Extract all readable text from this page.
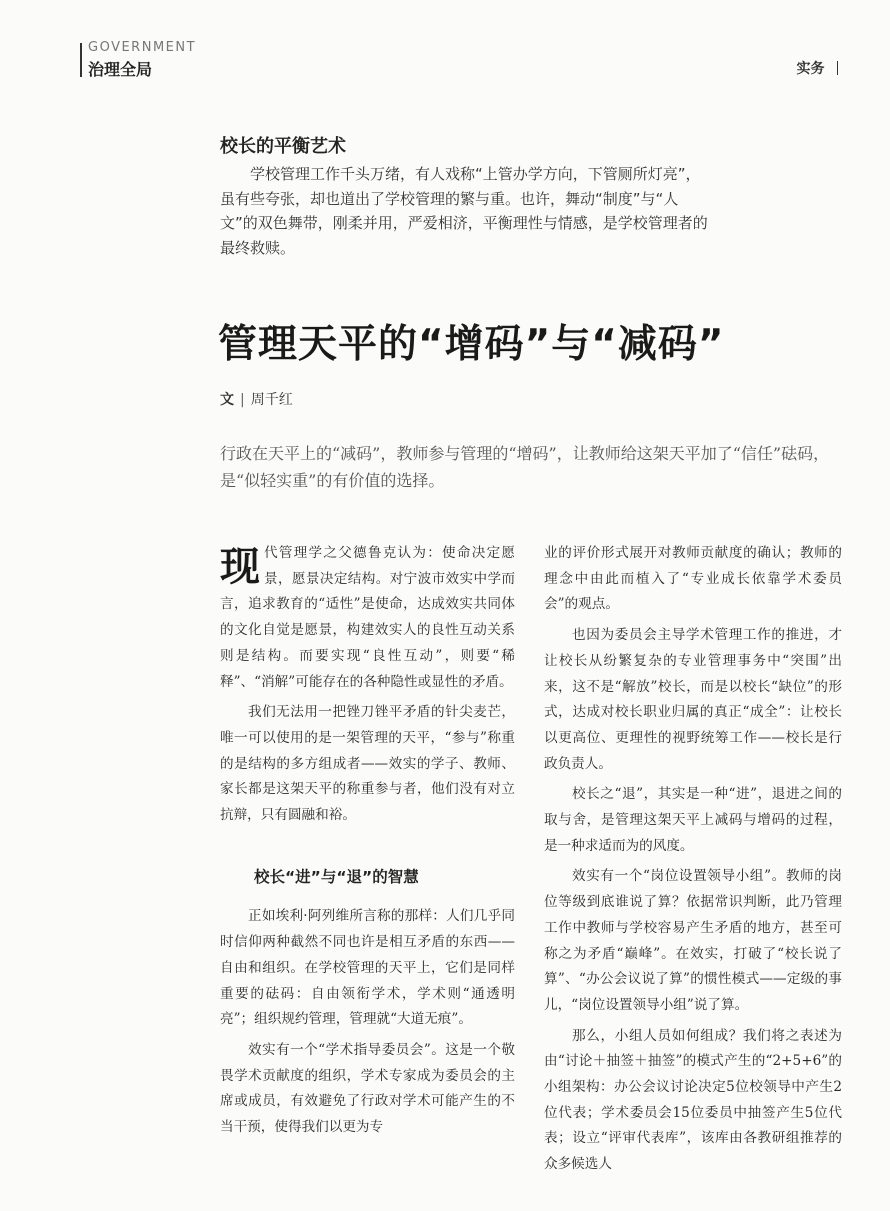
GOVERNMENT
治理全局	实务
校长的平衡艺术

学校管理工作千头万绪，有人戏称“上管办学方向，下管厕所灯亮”，虽有些夸张，却也道出了学校管理的繁与重。也许，舞动“制度”与“人文”的双色舞带，刚柔并用，严爱相济，平衡理性与情感，是学校管理者的最终救赎。

管理天平的“增码”与“减码”
文 | 周千红

行政在天平上的“减码”，教师参与管理的“增码”，让教师给这架天平加了“信任”砝码，是“似轻实重”的有价值的选择。

现代管理学之父德鲁克认为：使命决定愿景，愿景决定结构。对宁波市效实中学而言，追求教育的“适性”是使命，达成效实共同体的文化自觉是愿景，构建效实人的良性互动关系则是结构。而要实现“良性互动”，则要“稀释”、“消解”可能存在的各种隐性或显性的矛盾。

我们无法用一把锉刀锉平矛盾的针尖麦芒，唯一可以使用的是一架管理的天平，“参与”称重的是结构的多方组成者——效实的学子、教师、家长都是这架天平的称重参与者，他们没有对立抗辩，只有圆融和裕。

校长“进”与“退”的智慧

正如埃利·阿列维所言称的那样：人们几乎同时信仰两种截然不同也许是相互矛盾的东西——自由和组织。在学校管理的天平上，它们是同样重要的砝码：自由领衔学术，学术则“通透明亮”；组织规约管理，管理就“大道无痕”。

效实有一个“学术指导委员会”。这是一个敬畏学术贡献度的组织，学术专家成为委员会的主席或成员，有效避免了行政对学术可能产生的不当干预，使得我们以更为专

业的评价形式展开对教师贡献度的确认；教师的理念中由此而植入了“专业成长依靠学术委员会”的观点。

也因为委员会主导学术管理工作的推进，才让校长从纷繁复杂的专业管理事务中“突围”出来，这不是“解放”校长，而是以校长“缺位”的形式，达成对校长职业归属的真正“成全”：让校长以更高位、更理性的视野统筹工作——校长是行政负责人。

校长之“退”，其实是一种“进”，退进之间的取与舍，是管理这架天平上减码与增码的过程，是一种求适而为的风度。

效实有一个“岗位设置领导小组”。教师的岗位等级到底谁说了算？依据常识判断，此乃管理工作中教师与学校容易产生矛盾的地方，甚至可称之为矛盾“巅峰”。在效实，打破了“校长说了算”、“办公会议说了算”的惯性模式——定级的事儿，“岗位设置领导小组”说了算。

那么，小组人员如何组成？我们将之表述为由“讨论＋抽签＋抽签”的模式产生的“2+5+6”的小组架构：办公会议讨论决定5位校领导中产生2位代表；学术委员会15位委员中抽签产生5位代表；设立“评审代表库”，该库由各教研组推荐的众多候选人
